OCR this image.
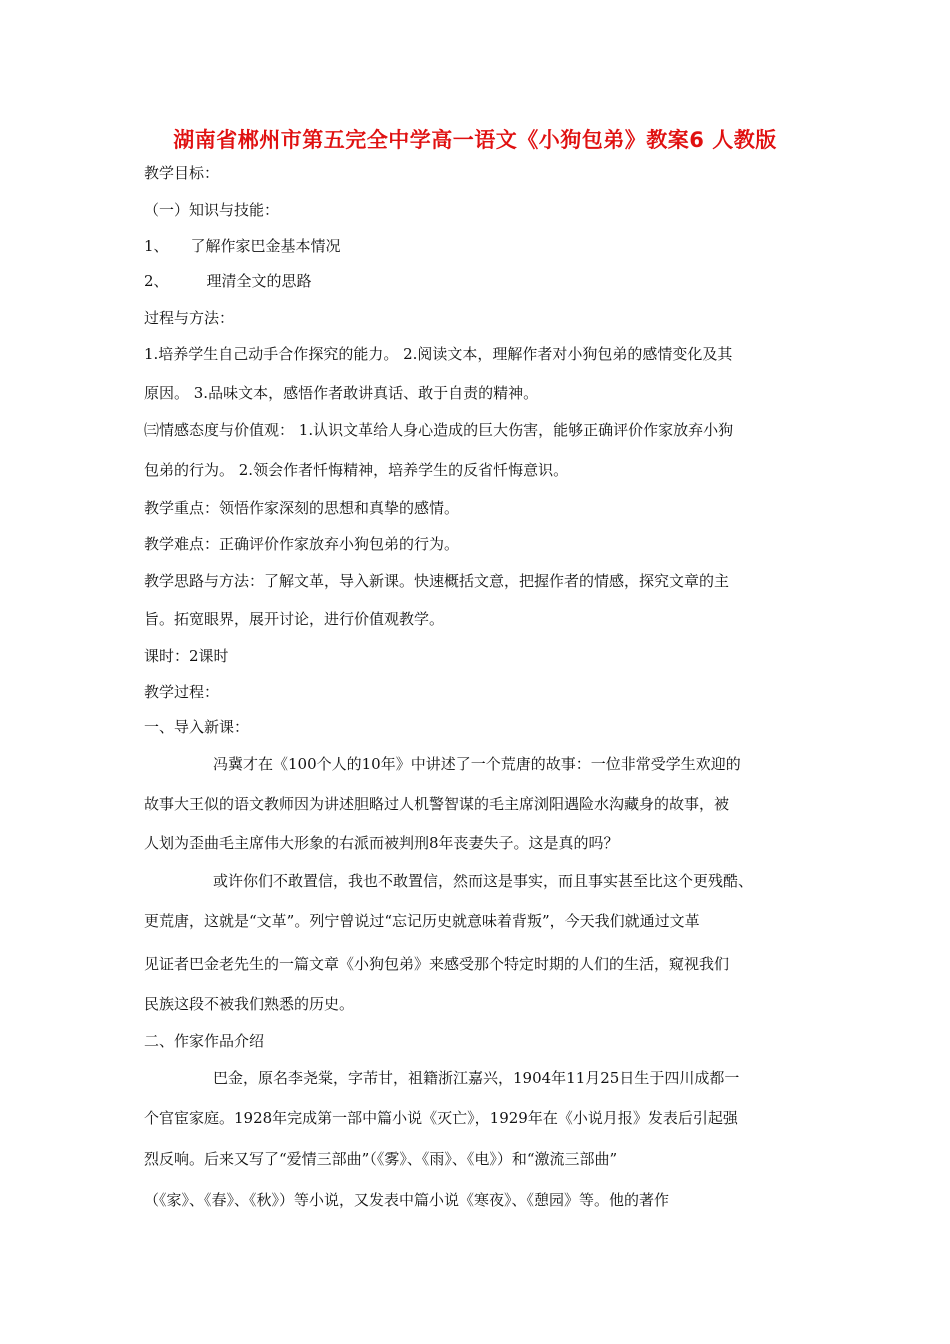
湖南省郴州市第五完全中学高一语文《小狗包弟》教案6 人教版
教学目标：
（一）知识与技能：
1、 了解作家巴金基本情况
2、	理清全文的思路
过程与方法：
1.培养学生自己动手合作探究的能力。 2.阅读文本，理解作者对小狗包弟的感情变化及其
原因。 3.品味文本，感悟作者敢讲真话、敢于自责的精神。
㈢情感态度与价值观： 1.认识文革给人身心造成的巨大伤害，能够正确评价作家放弃小狗
包弟的行为。 2.领会作者忏悔精神，培养学生的反省忏悔意识。
教学重点：领悟作家深刻的思想和真挚的感情。
教学难点：正确评价作家放弃小狗包弟的行为。
教学思路与方法：了解文革，导入新课。快速概括文意，把握作者的情感，探究文章的主
旨。拓宽眼界，展开讨论，进行价值观教学。
课时：2课时
教学过程：
一、导入新课：
冯冀才在《100个人的10年》中讲述了一个荒唐的故事：一位非常受学生欢迎的
故事大王似的语文教师因为讲述胆略过人机警智谋的毛主席浏阳遇险水沟藏身的故事，被
人划为歪曲毛主席伟大形象的右派而被判刑8年丧妻失子。这是真的吗？
或许你们不敢置信，我也不敢置信，然而这是事实，而且事实甚至比这个更残酷、
更荒唐，这就是“文革”。列宁曾说过“忘记历史就意味着背叛”，今天我们就通过文革
见证者巴金老先生的一篇文章《小狗包弟》来感受那个特定时期的人们的生活，窥视我们
民族这段不被我们熟悉的历史。
二、作家作品介绍
巴金，原名李尧棠，字芾甘，祖籍浙江嘉兴，1904年11月25日生于四川成都一
个官宦家庭。1928年完成第一部中篇小说《灭亡》，1929年在《小说月报》发表后引起强
烈反响。后来又写了“爱情三部曲”（《雾》、《雨》、《电》）和“激流三部曲”
（《家》、《春》、《秋》）等小说，又发表中篇小说《寒夜》、《憩园》等。他的著作
